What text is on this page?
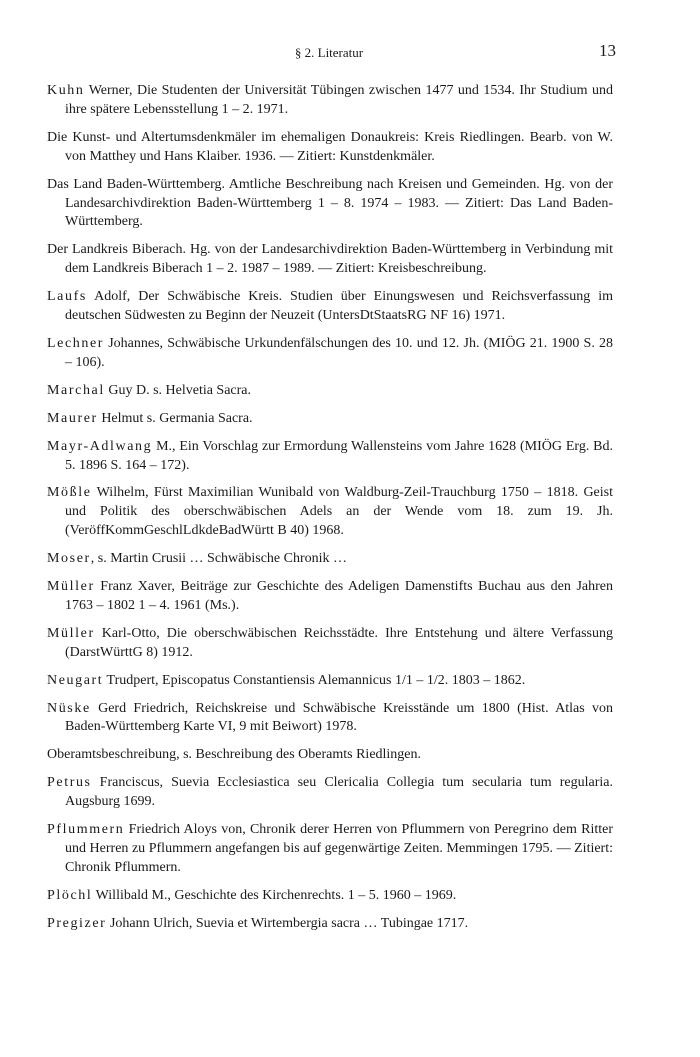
§ 2. Literatur	13

Kuhn Werner, Die Studenten der Universität Tübingen zwischen 1477 und 1534. Ihr Studium und ihre spätere Lebensstellung 1 – 2. 1971.

Die Kunst- und Altertumsdenkmäler im ehemaligen Donaukreis: Kreis Riedlingen. Bearb. von W. von Matthey und Hans Klaiber. 1936. — Zitiert: Kunstdenkmäler.

Das Land Baden-Württemberg. Amtliche Beschreibung nach Kreisen und Gemeinden. Hg. von der Landesarchivdirektion Baden-Württemberg 1 – 8. 1974 – 1983. — Zitiert: Das Land Baden-Württemberg.

Der Landkreis Biberach. Hg. von der Landesarchivdirektion Baden-Württemberg in Verbindung mit dem Landkreis Biberach 1 – 2. 1987 – 1989. — Zitiert: Kreisbeschreibung.

Laufs Adolf, Der Schwäbische Kreis. Studien über Einungswesen und Reichsverfassung im deutschen Südwesten zu Beginn der Neuzeit (UntersDtStaatsRG NF 16) 1971.

Lechner Johannes, Schwäbische Urkundenfälschungen des 10. und 12. Jh. (MIÖG 21. 1900 S. 28 – 106).

Marchal Guy D. s. Helvetia Sacra.

Maurer Helmut s. Germania Sacra.

Mayr-Adlwang M., Ein Vorschlag zur Ermordung Wallensteins vom Jahre 1628 (MIÖG Erg. Bd. 5. 1896 S. 164 – 172).

Mößle Wilhelm, Fürst Maximilian Wunibald von Waldburg-Zeil-Trauchburg 1750 – 1818. Geist und Politik des oberschwäbischen Adels an der Wende vom 18. zum 19. Jh. (VeröffKommGeschlLdkdeBadWürtt B 40) 1968.

Moser, s. Martin Crusii … Schwäbische Chronik …

Müller Franz Xaver, Beiträge zur Geschichte des Adeligen Damenstifts Buchau aus den Jahren 1763 – 1802 1 – 4. 1961 (Ms.).

Müller Karl-Otto, Die oberschwäbischen Reichsstädte. Ihre Entstehung und ältere Verfassung (DarstWürttG 8) 1912.

Neugart Trudpert, Episcopatus Constantiensis Alemannicus 1/1 – 1/2. 1803 – 1862.

Nüske Gerd Friedrich, Reichskreise und Schwäbische Kreisstände um 1800 (Hist. Atlas von Baden-Württemberg Karte VI, 9 mit Beiwort) 1978.

Oberamtsbeschreibung, s. Beschreibung des Oberamts Riedlingen.

Petrus Franciscus, Suevia Ecclesiastica seu Clericalia Collegia tum secularia tum regularia. Augsburg 1699.

Pflummern Friedrich Aloys von, Chronik derer Herren von Pflummern von Peregrino dem Ritter und Herren zu Pflummern angefangen bis auf gegenwärtige Zeiten. Memmingen 1795. — Zitiert: Chronik Pflummern.

Plöchl Willibald M., Geschichte des Kirchenrechts. 1 – 5. 1960 – 1969.

Pregizer Johann Ulrich, Suevia et Wirtembergia sacra … Tubingae 1717.
